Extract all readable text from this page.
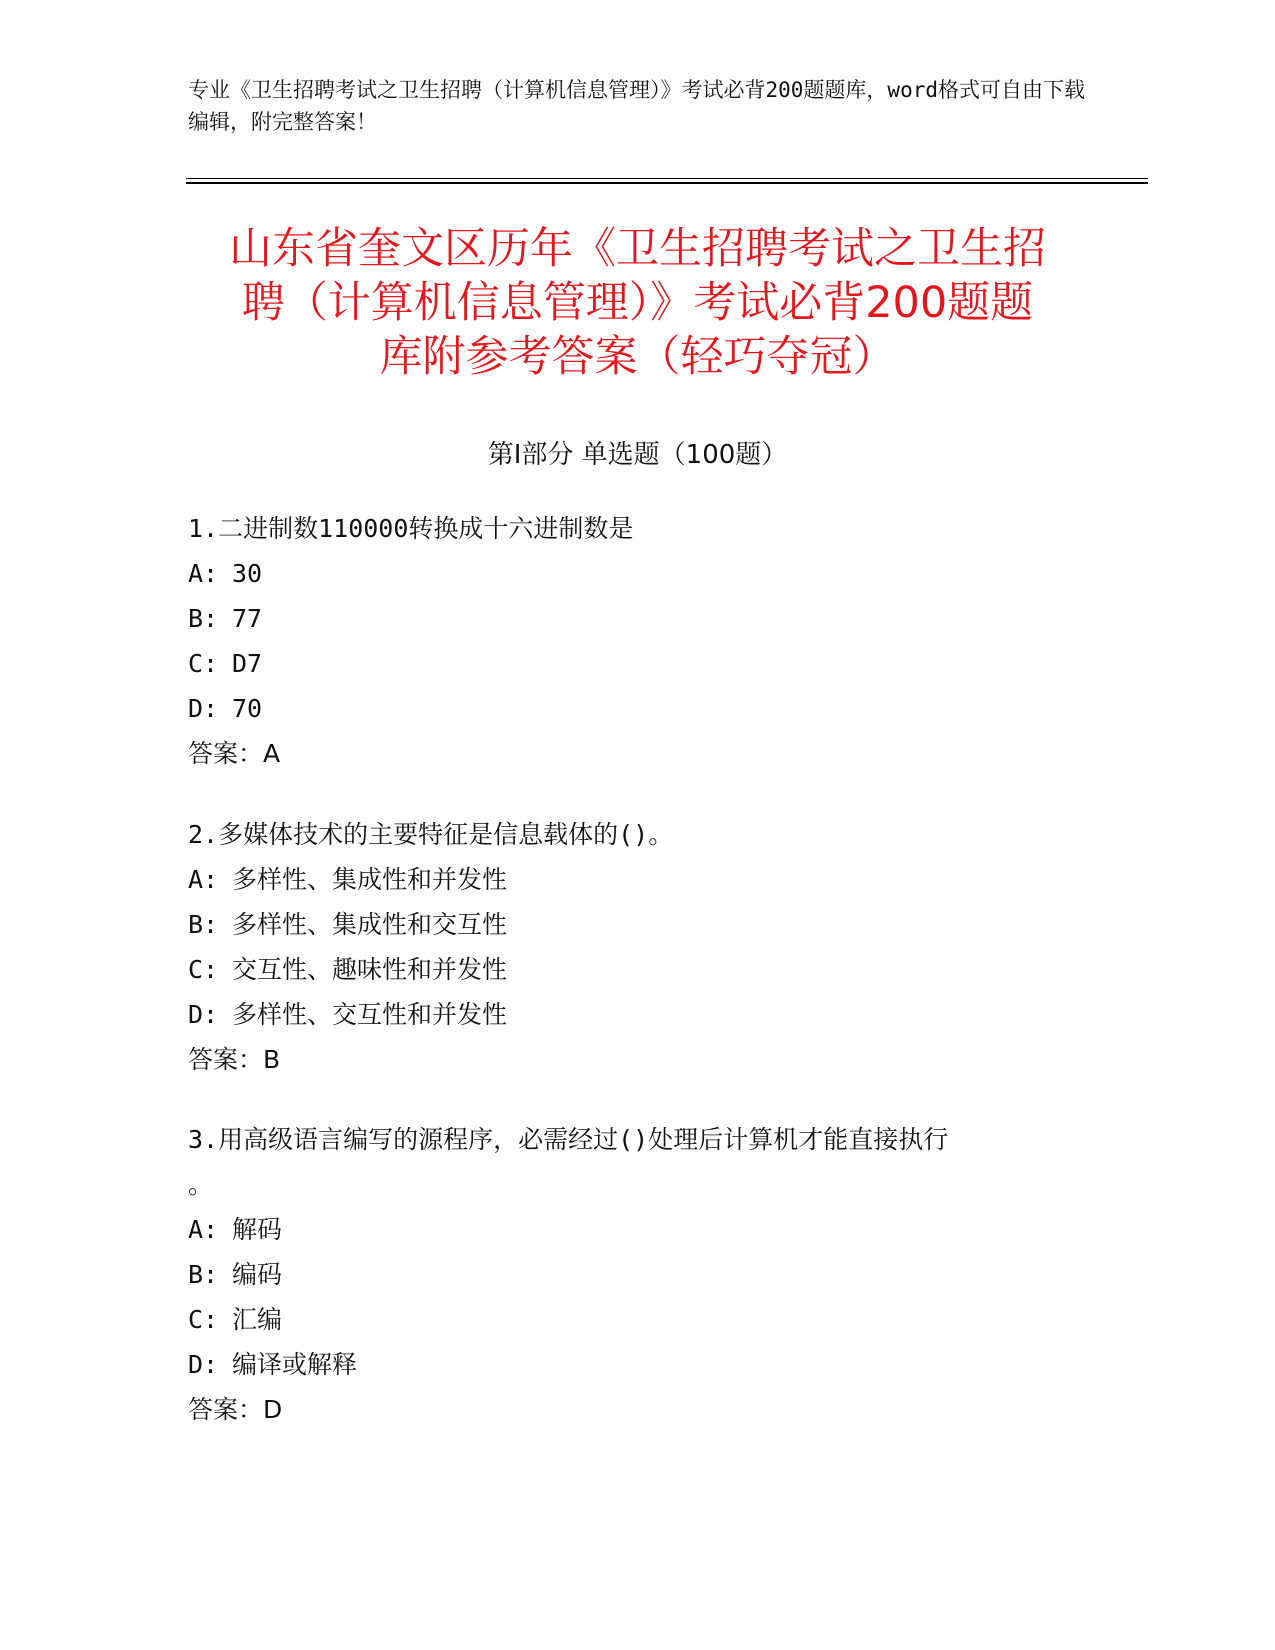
专业《卫生招聘考试之卫生招聘（计算机信息管理）》考试必背200题题库，word格式可自由下载编辑，附完整答案！
山东省奎文区历年《卫生招聘考试之卫生招
聘（计算机信息管理）》考试必背200题题
库附参考答案（轻巧夺冠）
第Ⅰ部分 单选题（100题）
1.二进制数110000转换成十六进制数是
A: 30
B: 77
C: D7
D: 70
答案：A
2.多媒体技术的主要特征是信息载体的()。
A: 多样性、集成性和并发性
B: 多样性、集成性和交互性
C: 交互性、趣味性和并发性
D: 多样性、交互性和并发性
答案：B
3.用高级语言编写的源程序，必需经过()处理后计算机才能直接执行
。
A: 解码
B: 编码
C: 汇编
D: 编译或解释
答案：D
